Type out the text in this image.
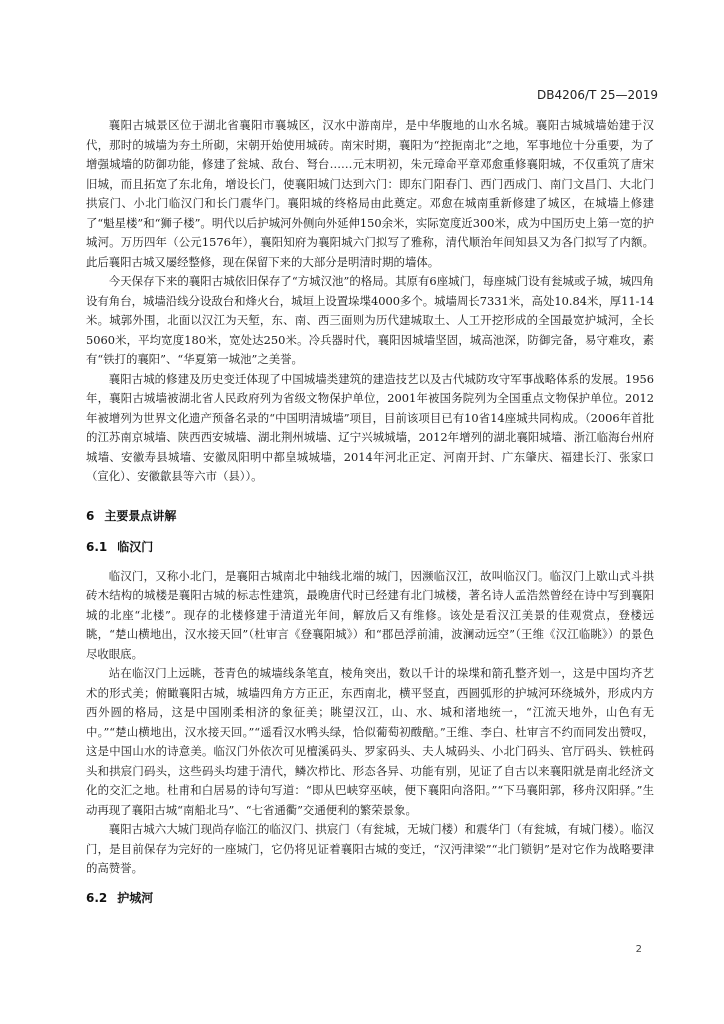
DB4206/T 25—2019

襄阳古城景区位于湖北省襄阳市襄城区，汉水中游南岸，是中华腹地的山水名城。襄阳古城城墙始建于汉代，那时的城墙为夯土所砌，宋朝开始使用城砖。南宋时期，襄阳为“控扼南北”之地，军事地位十分重要，为了增强城墙的防御功能，修建了瓮城、敌台、弩台……元末明初，朱元璋命平章邓愈重修襄阳城，不仅重筑了唐宋旧城，而且拓宽了东北角，增设长门，使襄阳城门达到六门：即东门阳春门、西门西成门、南门文昌门、大北门拱宸门、小北门临汉门和长门震华门。襄阳城的终格局由此奠定。邓愈在城南重新修建了城区，在城墙上修建了“魁星楼”和“狮子楼”。明代以后护城河外侧向外延伸150余米，实际宽度近300米，成为中国历史上第一宽的护城河。万历四年（公元1576年），襄阳知府为襄阳城六门拟写了雅称，清代顺治年间知县又为各门拟写了内额。此后襄阳古城又屡经整修，现在保留下来的大部分是明清时期的墙体。

今天保存下来的襄阳古城依旧保存了“方城汉池”的格局。其原有6座城门，每座城门设有瓮城或子城，城四角设有角台，城墙沿线分设敌台和烽火台，城垣上设置垛堞4000多个。城墙周长7331米，高处10.84米，厚11-14米。城郭外围，北面以汉江为天堑，东、南、西三面则为历代建城取土、人工开挖形成的全国最宽护城河，全长5060米，平均宽度180米，宽处达250米。冷兵器时代，襄阳因城墙坚固，城高池深，防御完备，易守难攻，素有“铁打的襄阳”、“华夏第一城池”之美誉。

襄阳古城的修建及历史变迁体现了中国城墙类建筑的建造技艺以及古代城防攻守军事战略体系的发展。1956年，襄阳古城墙被湖北省人民政府列为省级文物保护单位，2001年被国务院列为全国重点文物保护单位。2012年被增列为世界文化遗产预备名录的“中国明清城墙”项目，目前该项目已有10省14座城共同构成。（2006年首批的江苏南京城墙、陕西西安城墙、湖北荆州城墙、辽宁兴城城墙，2012年增列的湖北襄阳城墙、浙江临海台州府城墙、安徽寿县城墙、安徽凤阳明中都皇城城墙，2014年河北正定、河南开封、广东肇庆、福建长汀、张家口（宣化）、安徽歙县等六市（县））。

6 主要景点讲解
6.1 临汉门

临汉门，又称小北门，是襄阳古城南北中轴线北端的城门，因濒临汉江，故叫临汉门。临汉门上歇山式斗拱砖木结构的城楼是襄阳古城的标志性建筑，最晚唐代时已经建有北门城楼，著名诗人孟浩然曾经在诗中写到襄阳城的北座“北楼”。现存的北楼修建于清道光年间，解放后又有维修。该处是看汉江美景的佳观赏点，登楼远眺，“楚山横地出，汉水接天回”（杜审言《登襄阳城》）和“郡邑浮前浦，波澜动远空”（王维《汉江临眺》）的景色尽收眼底。

站在临汉门上远眺，苍青色的城墙线条笔直，棱角突出，数以千计的垛堞和箭孔整齐划一，这是中国均齐艺术的形式美；俯瞰襄阳古城，城墙四角方方正正，东西南北，横平竖直，西圆弧形的护城河环绕城外，形成内方西外圆的格局，这是中国刚柔相济的象征美；眺望汉江，山、水、城和渚地统一，“江流天地外，山色有无中。”“楚山横地出，汉水接天回。”“遥看汉水鸭头绿，恰似葡萄初酦醅。”王维、李白、杜审言不约而同发出赞叹，这是中国山水的诗意美。临汉门外依次可见檀溪码头、罗家码头、夫人城码头、小北门码头、官厅码头、铁桩码头和拱宸门码头，这些码头均建于清代，鳞次栉比、形态各异、功能有别，见证了自古以来襄阳就是南北经济文化的交汇之地。杜甫和白居易的诗句写道：“即从巴峡穿巫峡，便下襄阳向洛阳。”“下马襄阳郭，移舟汉阳驿。”生动再现了襄阳古城“南船北马”、“七省通衢”交通便利的繁荣景象。

襄阳古城六大城门现尚存临江的临汉门、拱宸门（有瓮城，无城门楼）和震华门（有瓮城，有城门楼）。临汉门，是目前保存为完好的一座城门，它仍将见证着襄阳古城的变迁，“汉沔津梁”“北门锁钥”是对它作为战略要津的高赞誉。

6.2 护城河
2
